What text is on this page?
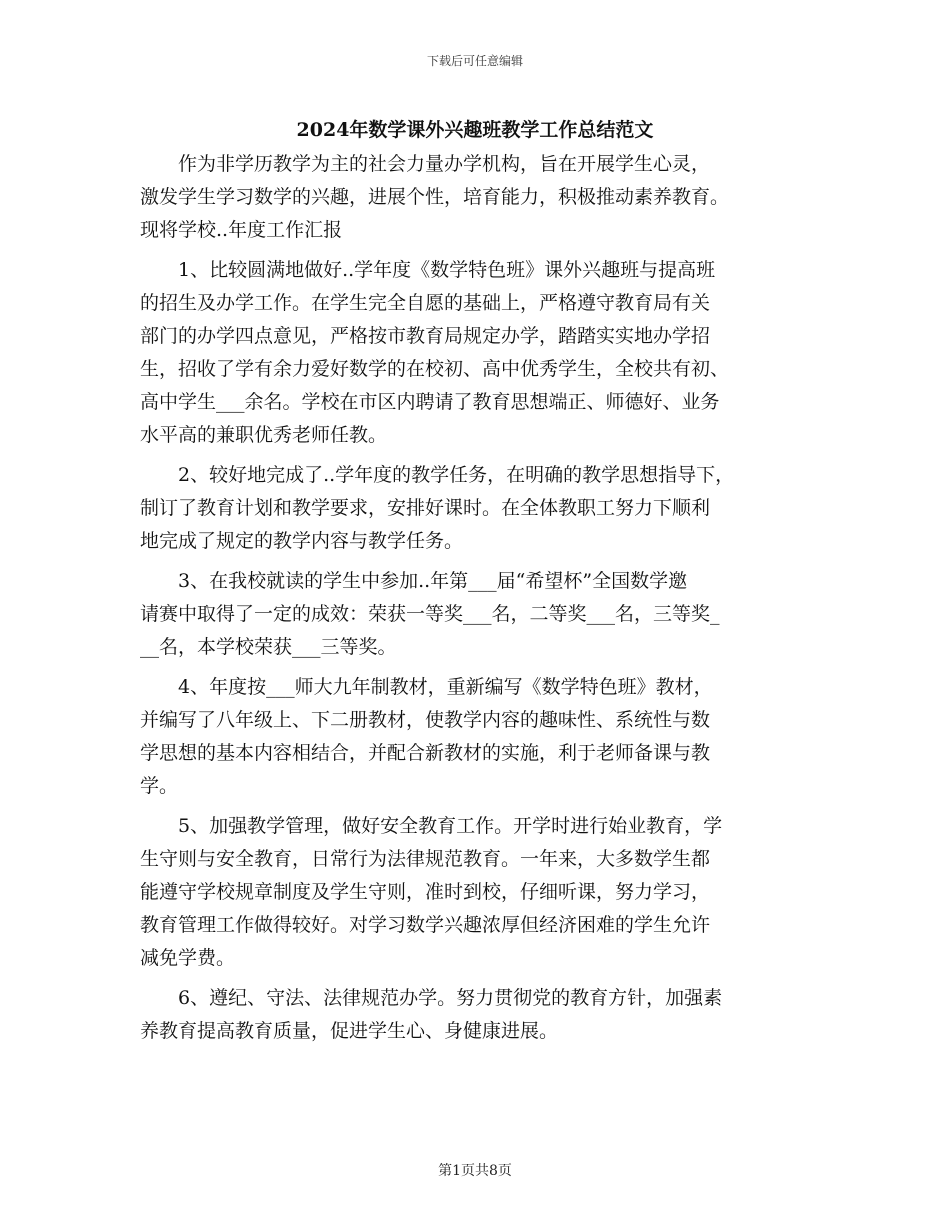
下载后可任意编辑
2024年数学课外兴趣班教学工作总结范文
作为非学历教学为主的社会力量办学机构，旨在开展学生心灵，
激发学生学习数学的兴趣，进展个性，培育能力，积极推动素养教育。
现将学校..年度工作汇报
1、比较圆满地做好..学年度《数学特色班》课外兴趣班与提高班
的招生及办学工作。在学生完全自愿的基础上，严格遵守教育局有关
部门的办学四点意见，严格按市教育局规定办学，踏踏实实地办学招
生，招收了学有余力爱好数学的在校初、高中优秀学生，全校共有初、
高中学生___余名。学校在市区内聘请了教育思想端正、师德好、业务
水平高的兼职优秀老师任教。
2、较好地完成了..学年度的教学任务，在明确的教学思想指导下，
制订了教育计划和教学要求，安排好课时。在全体教职工努力下顺利
地完成了规定的教学内容与教学任务。
3、在我校就读的学生中参加..年第___届“希望杯”全国数学邀
请赛中取得了一定的成效：荣获一等奖___名，二等奖___名，三等奖_
__名，本学校荣获___三等奖。
4、年度按___师大九年制教材，重新编写《数学特色班》教材，
并编写了八年级上、下二册教材，使教学内容的趣味性、系统性与数
学思想的基本内容相结合，并配合新教材的实施，利于老师备课与教
学。
5、加强教学管理，做好安全教育工作。开学时进行始业教育，学
生守则与安全教育，日常行为法律规范教育。一年来，大多数学生都
能遵守学校规章制度及学生守则，准时到校，仔细听课，努力学习，
教育管理工作做得较好。对学习数学兴趣浓厚但经济困难的学生允许
减免学费。
6、遵纪、守法、法律规范办学。努力贯彻党的教育方针，加强素
养教育提高教育质量，促进学生心、身健康进展。
第1页共8页
